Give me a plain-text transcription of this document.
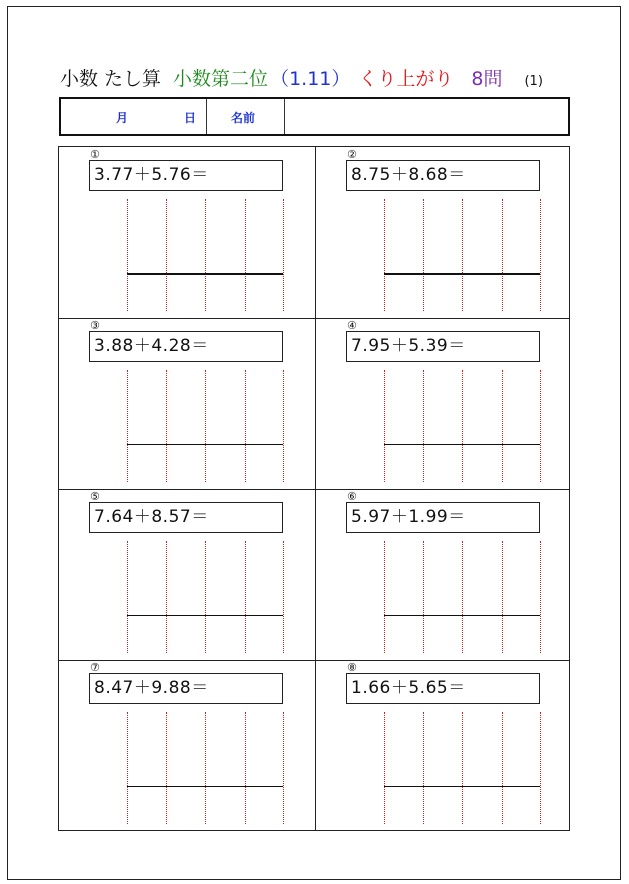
小数 たし算 小数第二位 （1.11） くり上がり 8問 (1)
月	日	名前
①
3.77＋5.76＝
②
8.75＋8.68＝
③
3.88＋4.28＝
④
7.95＋5.39＝
⑤
7.64＋8.57＝
⑥
5.97＋1.99＝
⑦
8.47＋9.88＝
⑧
1.66＋5.65＝
